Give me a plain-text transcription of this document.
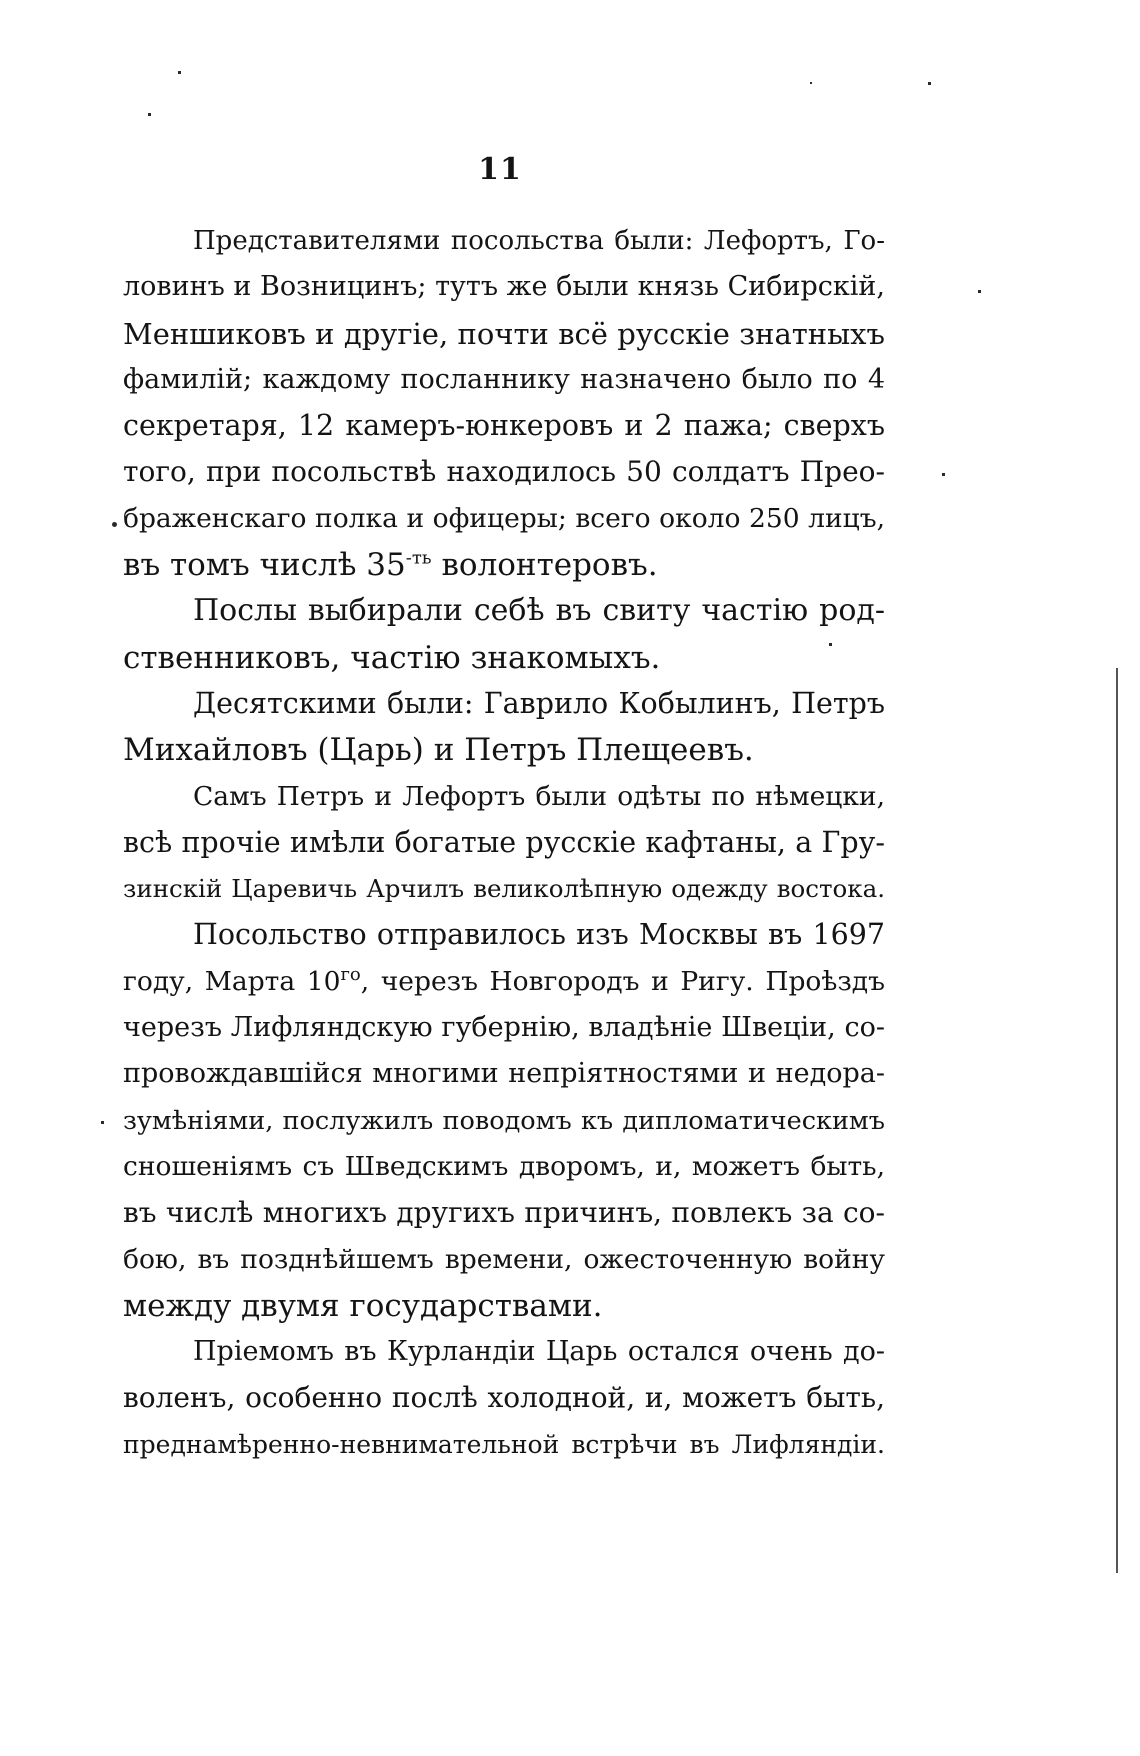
11
Представителями посольства были: Лефортъ, Го-
ловинъ и Возницинъ; тутъ же были князь Сибирскій,
Меншиковъ и другіе, почти всё русскіе знатныхъ
фамилій; каждому посланнику назначено было по 4
секретаря, 12 камеръ-юнкеровъ и 2 пажа; сверхъ
того, при посольствѣ находилось 50 солдатъ Прео-
браженскаго полка и офицеры; всего около 250 лицъ,
въ томъ числѣ $35^{-ть}$ волонтеровъ.
Послы выбирали себѣ въ свиту частію род-
ственниковъ, частію знакомыхъ.
Десятскими были: Гаврило Кобылинъ, Петръ
Михайловъ (Царь) и Петръ Плещеевъ.
Самъ Петръ и Лефортъ были одѣты по нѣмецки,
всѣ прочіе имѣли богатые русскіе кафтаны, а Гру-
зинскій Царевичь Арчилъ великолѣпную одежду востока.
Посольство отправилось изъ Москвы въ 1697
году, Марта $10^{го}$, черезъ Новгородъ и Ригу. Проѣздъ
черезъ Лифляндскую губернію, владѣніе Швеціи, со-
провождавшійся многими непріятностями и недора-
зумѣніями, послужилъ поводомъ къ дипломатическимъ
сношеніямъ съ Шведскимъ дворомъ, и, можетъ быть,
въ числѣ многихъ другихъ причинъ, повлекъ за со-
бою, въ позднѣйшемъ времени, ожесточенную войну
между двумя государствами.
Пріемомъ въ Курландіи Царь остался очень до-
воленъ, особенно послѣ холодной, и, можетъ быть,
преднамѣренно-невнимательной встрѣчи въ Лифляндіи.
